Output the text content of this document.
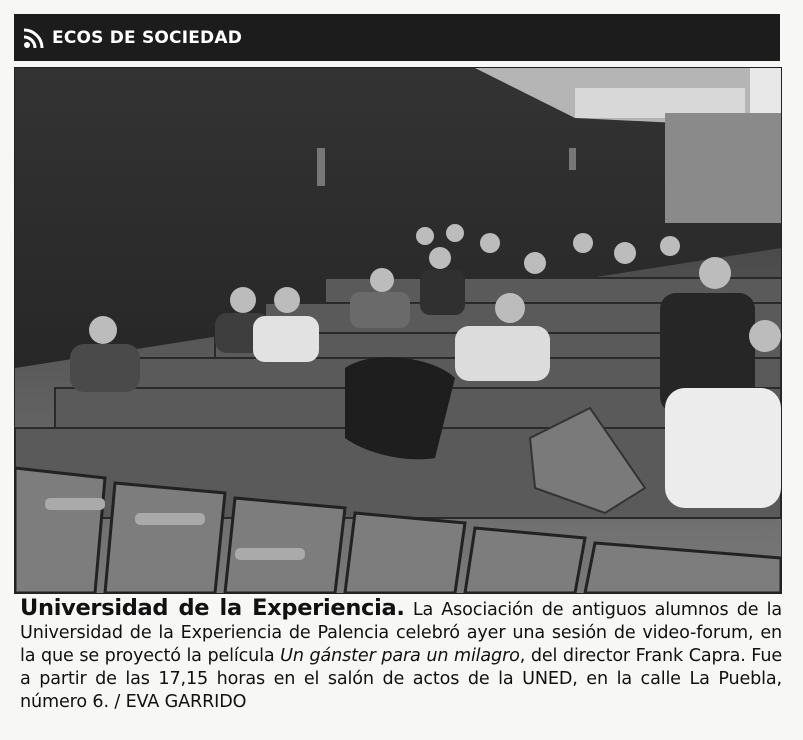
ECOS DE SOCIEDAD
Universidad de la Experiencia. La Asociación de antiguos alumnos de la Universidad de la Experiencia de Palencia celebró ayer una sesión de video-forum, en la que se proyectó la película Un gánster para un milagro, del director Frank Capra. Fue a partir de las 17,15 horas en el salón de actos de la UNED, en la calle La Puebla, número 6. / EVA GARRIDO
